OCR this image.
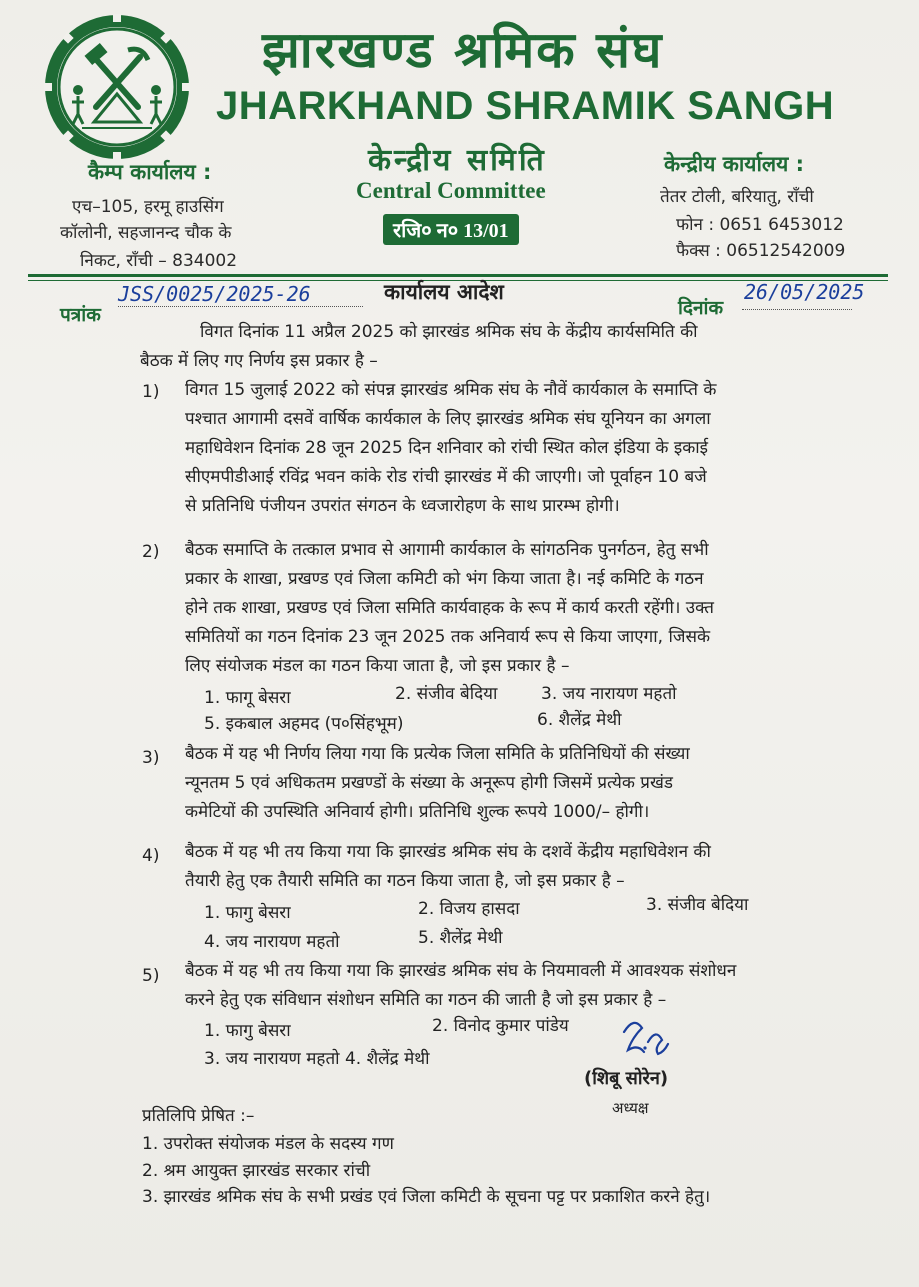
झारखण्ड श्रमिक संघ
JHARKHAND SHRAMIK SANGH
कैम्प कार्यालय :
एच–105, हरमू हाउसिंग
कॉलोनी, सहजानन्द चौक के
निकट, राँची – 834002
केन्द्रीय समिति
Central Committee
रजि० न० 13/01
केन्द्रीय कार्यालय :
तेतर टोली, बरियातु, राँची
फोन : 0651 6453012
फैक्स : 06512542009
पत्रांक
JSS/0025/2025-26	कार्यालय आदेश
दिनांक
26/05/2025
विगत दिनांक 11 अप्रैल 2025 को झारखंड श्रमिक संघ के केंद्रीय कार्यसमिति की
बैठक में लिए गए निर्णय इस प्रकार है –
1) विगत 15 जुलाई 2022 को संपन्न झारखंड श्रमिक संघ के नौवें कार्यकाल के समाप्ति के
पश्चात आगामी दसवें वार्षिक कार्यकाल के लिए झारखंड श्रमिक संघ यूनियन का अगला
महाधिवेशन दिनांक 28 जून 2025 दिन शनिवार को रांची स्थित कोल इंडिया के इकाई
सीएमपीडीआई रविंद्र भवन कांके रोड रांची झारखंड में की जाएगी। जो पूर्वाहन 10 बजे
से प्रतिनिधि पंजीयन उपरांत संगठन के ध्वजारोहण के साथ प्रारम्भ होगी।
2) बैठक समाप्ति के तत्काल प्रभाव से आगामी कार्यकाल के सांगठनिक पुनर्गठन, हेतु सभी
प्रकार के शाखा, प्रखण्ड एवं जिला कमिटी को भंग किया जाता है। नई कमिटि के गठन
होने तक शाखा, प्रखण्ड एवं जिला समिति कार्यवाहक के रूप में कार्य करती रहेंगी। उक्त
समितियों का गठन दिनांक 23 जून 2025 तक अनिवार्य रूप से किया जाएगा, जिसके
लिए संयोजक मंडल का गठन किया जाता है, जो इस प्रकार है –
1. फागू बेसरा	2. संजीव बेदिया	3. जय नारायण महतो
5. इकबाल अहमद (प०सिंहभूम)	6. शैलेंद्र मेथी
3) बैठक में यह भी निर्णय लिया गया कि प्रत्येक जिला समिति के प्रतिनिधियों की संख्या
न्यूनतम 5 एवं अधिकतम प्रखण्डों के संख्या के अनूरूप होगी जिसमें प्रत्येक प्रखंड
कमेटियों की उपस्थिति अनिवार्य होगी। प्रतिनिधि शुल्क रूपये 1000/– होगी।
4) बैठक में यह भी तय किया गया कि झारखंड श्रमिक संघ के दशवें केंद्रीय महाधिवेशन की
तैयारी हेतु एक तैयारी समिति का गठन किया जाता है, जो इस प्रकार है –
1. फागु बेसरा	2. विजय हासदा	3. संजीव बेदिया
4. जय नारायण महतो	5. शैलेंद्र मेथी
5) बैठक में यह भी तय किया गया कि झारखंड श्रमिक संघ के नियमावली में आवश्यक संशोधन
करने हेतु एक संविधान संशोधन समिति का गठन की जाती है जो इस प्रकार है –
1. फागु बेसरा	2. विनोद कुमार पांडेय
3. जय नारायण महतो 4. शैलेंद्र मेथी
(शिबू सोरेन)
अध्यक्ष
प्रतिलिपि प्रेषित :–
1. उपरोक्त संयोजक मंडल के सदस्य गण
2. श्रम आयुक्त झारखंड सरकार रांची
3. झारखंड श्रमिक संघ के सभी प्रखंड एवं जिला कमिटी के सूचना पट्ट पर प्रकाशित करने हेतु।
